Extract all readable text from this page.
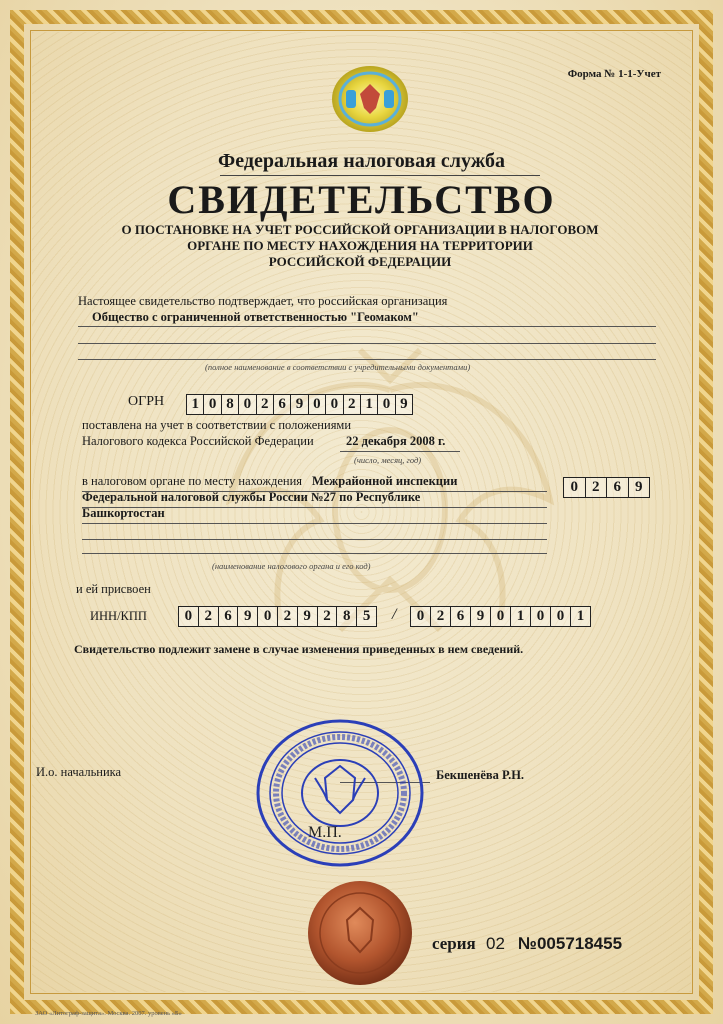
Форма № 1-1-Учет
Федеральная налоговая служба
СВИДЕТЕЛЬСТВО
О ПОСТАНОВКЕ НА УЧЕТ РОССИЙСКОЙ ОРГАНИЗАЦИИ В НАЛОГОВОМ
ОРГАНЕ ПО МЕСТУ НАХОЖДЕНИЯ НА ТЕРРИТОРИИ
РОССИЙСКОЙ ФЕДЕРАЦИИ
Настоящее свидетельство подтверждает, что российская организация
Общество с ограниченной ответственностью "Геомаком"
(полное наименование в соответствии с учредительными документами)
ОГРН 1 0 8 0 2 6 9 0 0 2 1 0 9
поставлена на учет в соответствии с положениями
Налогового кодекса Российской Федерации	22 декабря 2008 г.
(число, месяц, год)
в налоговом органе по месту нахождения Межрайонной инспекции
Федеральной налоговой службы России №27 по Республике
Башкортостан
(наименование налогового органа и его код)
0 2 6 9
и ей присвоен
ИНН/КПП	0 2 6 9 0 2 9 2 8 5	/	0 2 6 9 0 1 0 0 1
Свидетельство подлежит замене в случае изменения приведенных в нем сведений.
И.о. начальника	Бекшенёва Р.Н.
М.П.
серия 02 №005718455
ЗАО «Литограф-защита». Москва. 2007. уровень «Б»
